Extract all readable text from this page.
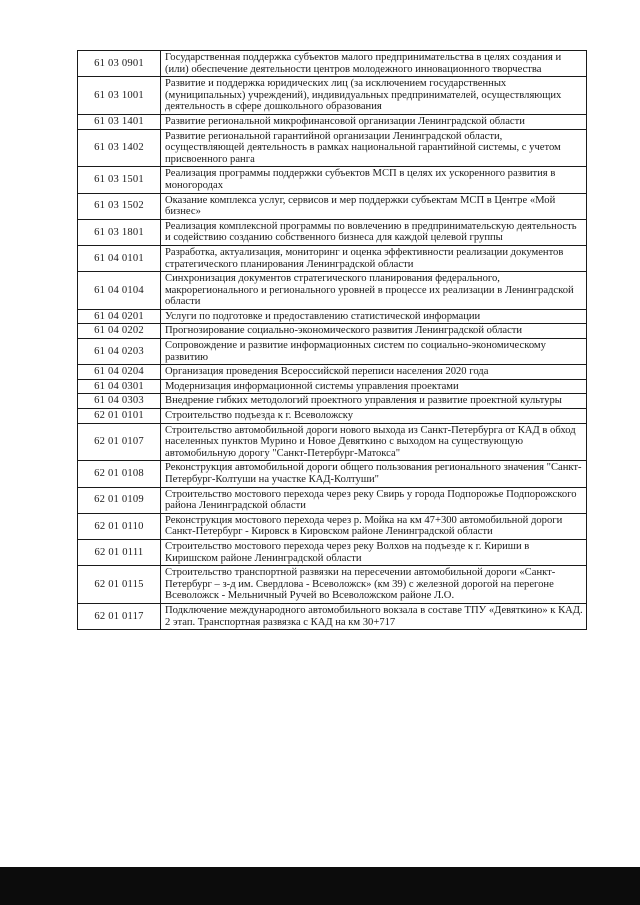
61 03 0901	Государственная поддержка субъектов малого предпринимательства в целях создания и (или) обеспечение деятельности центров молодежного инновационного творчества
61 03 1001	Развитие и поддержка юридических лиц (за исключением государственных (муниципальных) учреждений), индивидуальных предпринимателей, осуществляющих деятельность в сфере дошкольного образования
61 03 1401	Развитие региональной микрофинансовой организации Ленинградской области
61 03 1402	Развитие региональной гарантийной организации Ленинградской области, осуществляющей деятельность в рамках национальной гарантийной системы, с учетом присвоенного ранга
61 03 1501	Реализация программы поддержки субъектов МСП в целях их ускоренного развития в моногородах
61 03 1502	Оказание комплекса услуг, сервисов и мер поддержки субъектам МСП в Центре «Мой бизнес»
61 03 1801	Реализация комплексной программы по вовлечению в предпринимательскую деятельность и содействию созданию собственного бизнеса для каждой целевой группы
61 04 0101	Разработка, актуализация, мониторинг и оценка эффективности реализации документов стратегического планирования Ленинградской области
61 04 0104	Синхронизация документов стратегического планирования федерального, макрорегионального и регионального уровней в процессе их реализации в Ленинградской области
61 04 0201	Услуги по подготовке и предоставлению статистической информации
61 04 0202	Прогнозирование социально-экономического развития Ленинградской области
61 04 0203	Сопровождение и развитие информационных систем по социально-экономическому развитию
61 04 0204	Организация проведения Всероссийской переписи населения 2020 года
61 04 0301	Модернизация информационной системы управления проектами
61 04 0303	Внедрение гибких методологий проектного управления и развитие проектной культуры
62 01 0101	Строительство подъезда к г. Всеволожску
62 01 0107	Строительство автомобильной дороги нового выхода из Санкт-Петербурга от КАД в обход населенных пунктов Мурино и Новое Девяткино с выходом на существующую автомобильную дорогу "Санкт-Петербург-Матокса"
62 01 0108	Реконструкция автомобильной дороги общего пользования регионального значения "Санкт-Петербург-Колтуши на участке КАД-Колтуши"
62 01 0109	Строительство мостового перехода через реку Свирь у города Подпорожье Подпорожского района Ленинградской области
62 01 0110	Реконструкция мостового перехода через р. Мойка на км 47+300 автомобильной дороги Санкт-Петербург - Кировск в Кировском районе Ленинградской области
62 01 0111	Строительство мостового перехода через реку Волхов на подъезде к г. Кириши в Киришском районе Ленинградской области
62 01 0115	Строительство транспортной развязки на пересечении автомобильной дороги «Санкт-Петербург – з-д им. Свердлова - Всеволожск» (км 39) с железной дорогой на перегоне Всеволожск - Мельничный Ручей во Всеволожском районе Л.О.
62 01 0117	Подключение международного автомобильного вокзала в составе ТПУ «Девяткино» к КАД. 2 этап. Транспортная развязка с КАД на км 30+717
